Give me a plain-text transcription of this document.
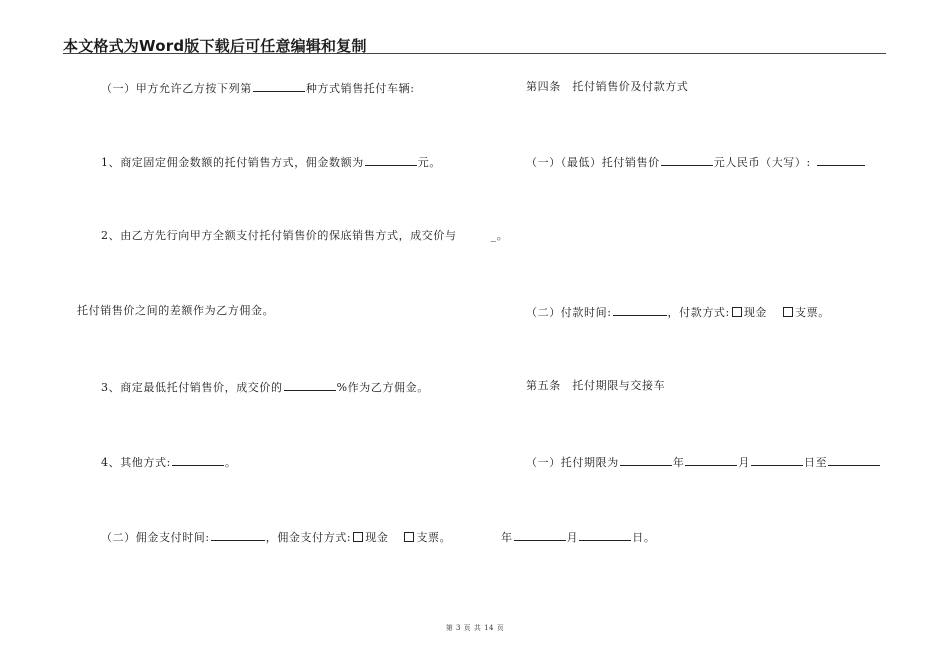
本文格式为Word版下载后可任意编辑和复制
（一）甲方允许乙方按下列第	种方式销售托付车辆:
1、商定固定佣金数额的托付销售方式，佣金数额为	元。
2、由乙方先行向甲方全额支付托付销售价的保底销售方式，成交价与	_。
托付销售价之间的差额作为乙方佣金。
3、商定最低托付销售价，成交价的	%作为乙方佣金。
4、其他方式:	。
（二）佣金支付时间:	，佣金支付方式: 现金	支票。
第四条　托付销售价及付款方式
（一）（最低）托付销售价	元人民币（大写）:
（二）付款时间:	，付款方式: 现金	支票。
第五条　托付期限与交接车
（一）托付期限为	年	月	日至
年	月	日。
第 3 页 共 14 页
